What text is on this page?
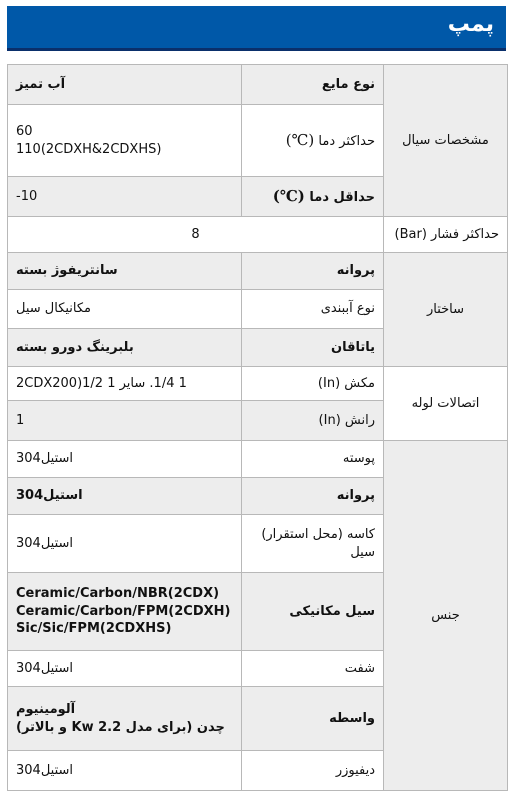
پمپ
مشخصات سیال	نوع مایع	آب تمیز
	حداکثر دما (℃)	60
110(2CDXH&2CDXHS)

	حداقل دما (℃)	-10
حداکثر فشار (Bar)	8	
ساختار	پروانه	سانتریفوژ بسته
	نوع آببندی	مکانیکال سیل
	یاتاقان	بلبرینگ دورو بسته
اتصالات لوله	مکش (In)	1 1/4. سایر 1 1/2(2CDX200
	رانش (In)	1
جنس	پوسته	استیل304
	پروانه	استیل304
	کاسه (محل استقرار) سیل	استیل304
	سیل مکانیکی	Ceramic/Carbon/NBR(2CDX)
Ceramic/Carbon/FPM(2CDXH)
Sic/Sic/FPM(2CDXHS)

	شفت	استیل304
	واسطه	آلومینیوم
چدن (برای مدل 2.2 Kw و بالاتر)

	دیفیوزر	استیل304
